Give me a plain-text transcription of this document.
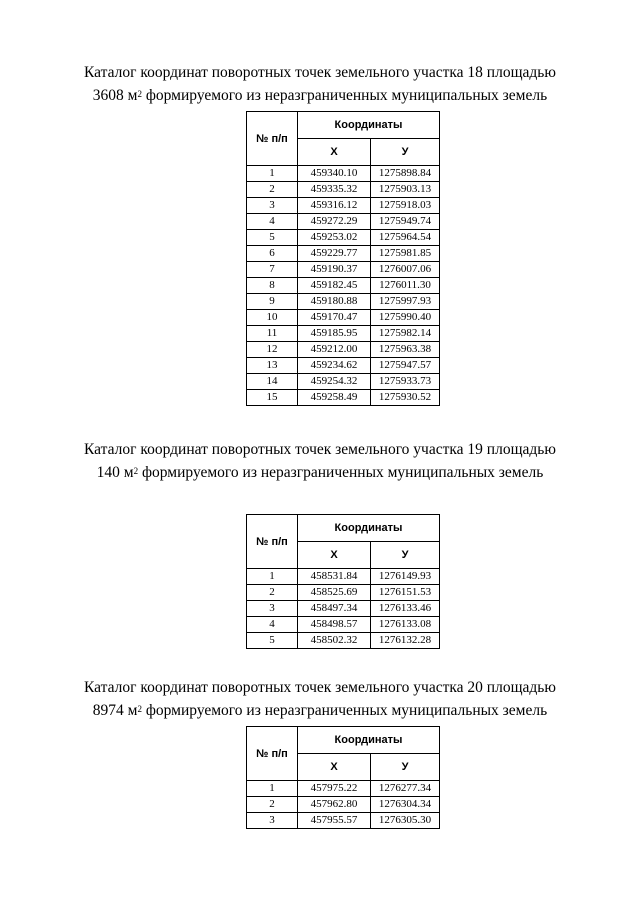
Каталог координат поворотных точек земельного участка 18 площадью
3608 $м^2$ формируемого из неразграниченных муниципальных земель

№ п/п	Координаты	
	X	У
1	459340.10	1275898.84
2	459335.32	1275903.13
3	459316.12	1275918.03
4	459272.29	1275949.74
5	459253.02	1275964.54
6	459229.77	1275981.85
7	459190.37	1276007.06
8	459182.45	1276011.30
9	459180.88	1275997.93
10	459170.47	1275990.40
11	459185.95	1275982.14
12	459212.00	1275963.38
13	459234.62	1275947.57
14	459254.32	1275933.73
15	459258.49	1275930.52

Каталог координат поворотных точек земельного участка 19 площадью
140 $м^2$ формируемого из неразграниченных муниципальных земель

№ п/п	Координаты	
	X	У
1	458531.84	1276149.93
2	458525.69	1276151.53
3	458497.34	1276133.46
4	458498.57	1276133.08
5	458502.32	1276132.28

Каталог координат поворотных точек земельного участка 20 площадью
8974 $м^2$ формируемого из неразграниченных муниципальных земель

№ п/п	Координаты	
	X	У
1	457975.22	1276277.34
2	457962.80	1276304.34
3	457955.57	1276305.30
